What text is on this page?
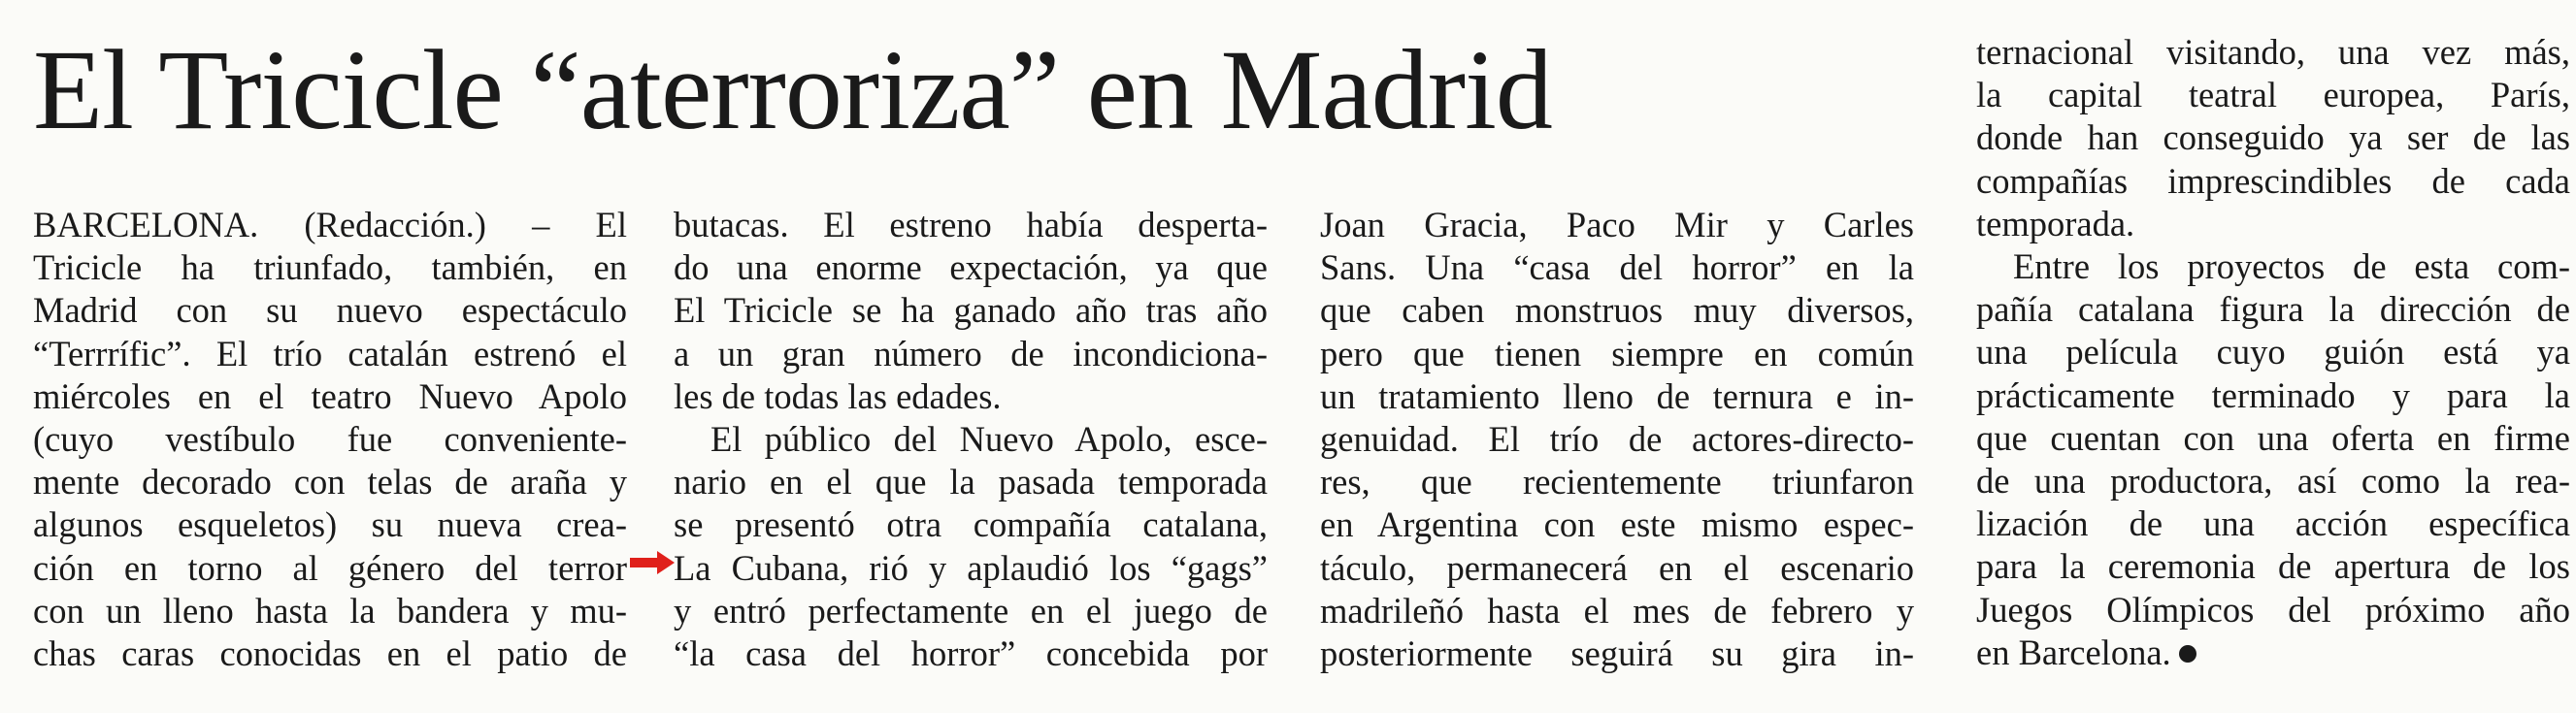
El Tricicle “aterroriza” en Madrid
BARCELONA. (Redacción.) – El
Tricicle ha triunfado, también, en
Madrid con su nuevo espectáculo
“Terrrífic”. El trío catalán estrenó el
miércoles en el teatro Nuevo Apolo
(cuyo vestíbulo fue conveniente-
mente decorado con telas de araña y
algunos esqueletos) su nueva crea-
ción en torno al género del terror
con un lleno hasta la bandera y mu-
chas caras conocidas en el patio de
butacas. El estreno había desperta-
do una enorme expectación, ya que
El Tricicle se ha ganado año tras año
a un gran número de incondiciona-
les de todas las edades.
El público del Nuevo Apolo, esce-
nario en el que la pasada temporada
se presentó otra compañía catalana,
La Cubana, rió y aplaudió los “gags”
y entró perfectamente en el juego de
“la casa del horror” concebida por
Joan Gracia, Paco Mir y Carles
Sans. Una “casa del horror” en la
que caben monstruos muy diversos,
pero que tienen siempre en común
un tratamiento lleno de ternura e in-
genuidad. El trío de actores-directo-
res, que recientemente triunfaron
en Argentina con este mismo espec-
táculo, permanecerá en el escenario
madrileñó hasta el mes de febrero y
posteriormente seguirá su gira in-
ternacional visitando, una vez más,
la capital teatral europea, París,
donde han conseguido ya ser de las
compañías imprescindibles de cada
temporada.
Entre los proyectos de esta com-
pañía catalana figura la dirección de
una película cuyo guión está ya
prácticamente terminado y para la
que cuentan con una oferta en firme
de una productora, así como la rea-
lización de una acción específica
para la ceremonia de apertura de los
Juegos Olímpicos del próximo año
en Barcelona.
